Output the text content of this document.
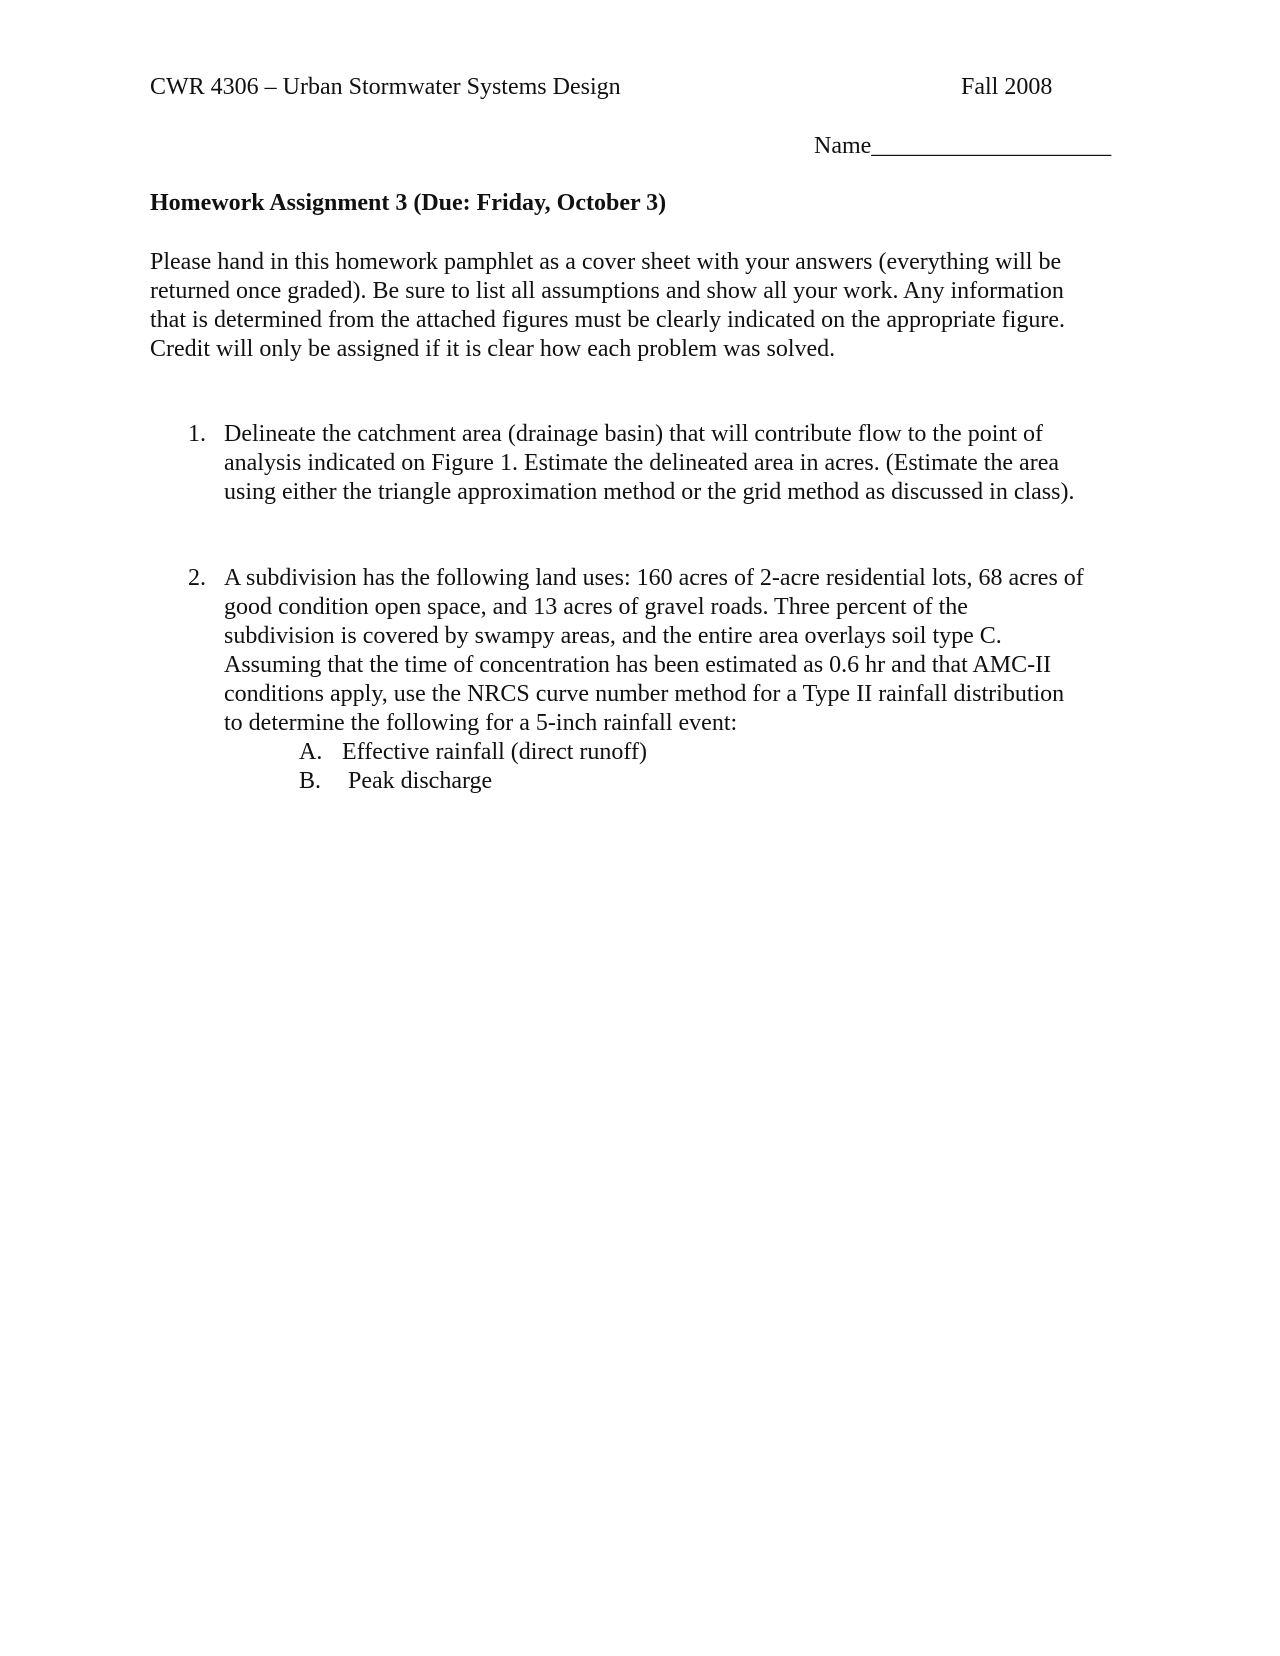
CWR 4306 – Urban Stormwater Systems Design	Fall 2008
Name____________________
Homework Assignment 3 (Due: Friday, October 3)
Please hand in this homework pamphlet as a cover sheet with your answers (everything will be
returned once graded). Be sure to list all assumptions and show all your work. Any information
that is determined from the attached figures must be clearly indicated on the appropriate figure.
Credit will only be assigned if it is clear how each problem was solved.
1. Delineate the catchment area (drainage basin) that will contribute flow to the point of
analysis indicated on Figure 1. Estimate the delineated area in acres. (Estimate the area
using either the triangle approximation method or the grid method as discussed in class).
2. A subdivision has the following land uses: 160 acres of 2-acre residential lots, 68 acres of
good condition open space, and 13 acres of gravel roads. Three percent of the
subdivision is covered by swampy areas, and the entire area overlays soil type C.
Assuming that the time of concentration has been estimated as 0.6 hr and that AMC-II
conditions apply, use the NRCS curve number method for a Type II rainfall distribution
to determine the following for a 5-inch rainfall event:
A. Effective rainfall (direct runoff)
B. Peak discharge
